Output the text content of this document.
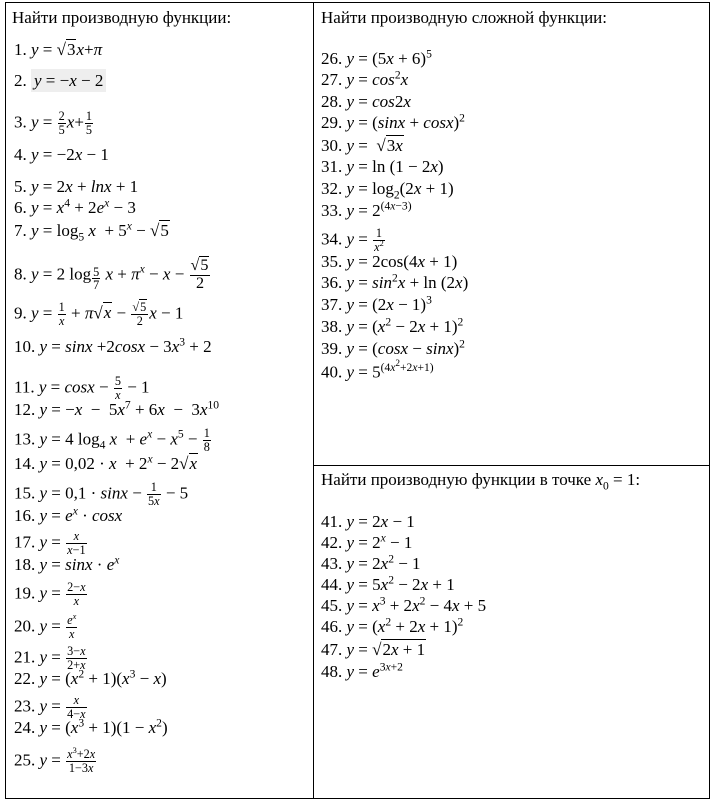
Найти производную функции:
1. y = √3x+π
2. y = −x − 2
3. $y = \frac{2}{5} x+ \frac{1}{5}$
4. y = −2x − 1
5. y = 2x + lnx + 1
6. $y = x^4 + 2e^x - 3$
7. $y = \log_5 x + 5^x - √5$
8. y = 2 $\log \frac{5}{7}$ $x + \pi^x - x - \frac{√5}{2}$
9. $y = \frac{1}{x} + \pi√x - \frac{√5}{2}$ x − 1
10. $y = \sin x +2\cos x - 3x^3 + 2$
11. $y = \cos x - \frac{5}{x} - 1$
12. $y = -x - 5x^7 + 6x - 3x^{10}$
13. y = 4 $\log_4 x + e^x - x^5 - \frac{1}{8}$
14. $y = 0,02 \cdot x + 2^x - 2√x$
15. $y = 0,1 \cdot \sin x - \frac{1}{5x} - 5$
16. $y = e^x \cdot \cos x$
17. $y = \frac{x}{x-1}$
18. $y = \sin x \cdot e^x$
19. $y = \frac{2-x}{x}$
20. $y = \frac{e^x}{x}$
21. $y = \frac{3-x}{2+x}$
22. $y = (x^2 + 1)(x^3 - x)$
23. $y = \frac{x}{4-x}$
24. $y = (x^3 + 1)(1 - x^2)$
25. $y = \frac{x^3+2x}{1-3x}$
Найти производную сложной функции:
26. $y = (5x + 6)^5$
27. $y = \cos^2x$
28. y = cos2x
29. $y = (\sin x + \cos x)^2$
30. y =  √3x
31. y = ln (1 − 2x)
32. $y = \log_2(2x + 1)$
33. $y = 2^{(4x-3)}$
34. $y = \frac{1}{x^2}$
35. y = 2cos(4x + 1)
36. $y = \sin^2x + \ln (2x)$
37. $y = (2x - 1)^3$
38. $y = (x^2 - 2x + 1)^2$
39. $y = (\cos x - \sin x)^2$
40. $y = 5^{(4x^2+2x+1)}$
Найти производную функции в точке $x_0 = 1$:
41. y = 2x − 1
42. $y = 2^x - 1$
43. $y = 2x^2 - 1$
44. $y = 5x^2 - 2x + 1$
45. $y = x^3 + 2x^2 - 4x + 5$
46. $y = (x^2 + 2x + 1)^2$
47. y = √2x + 1
48. $y = e^{3x+2}$
